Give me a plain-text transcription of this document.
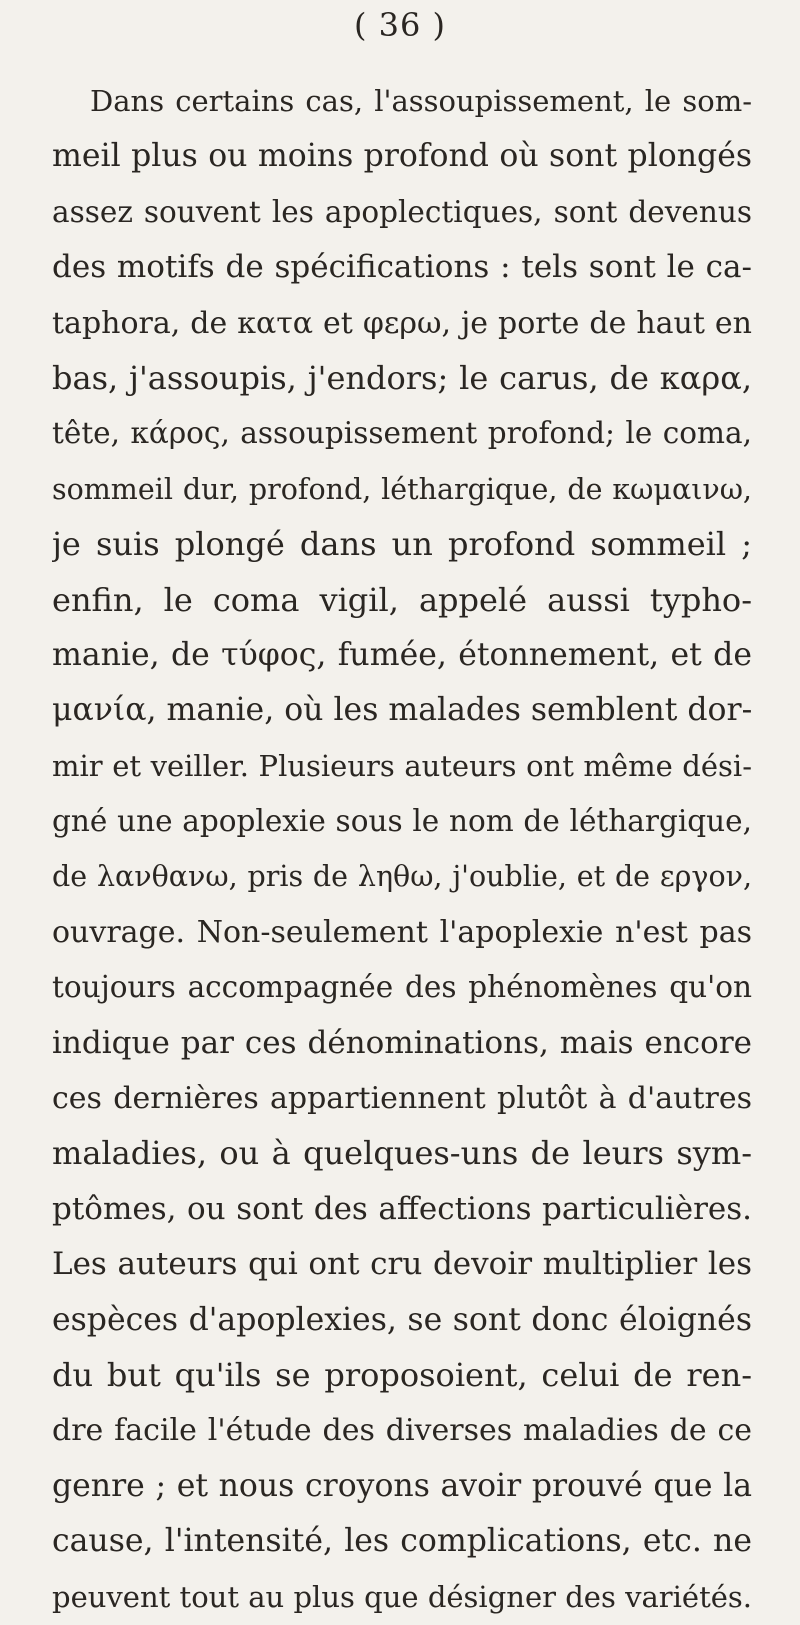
( 36 )
Dans certains cas, l'assoupissement, le som-
meil plus ou moins profond où sont plongés
assez souvent les apoplectiques, sont devenus
des motifs de spécifications : tels sont le ca-
taphora, de κατα et φερω, je porte de haut en
bas, j'assoupis, j'endors; le carus, de καρα,
tête, κάρος, assoupissement profond; le coma,
sommeil dur, profond, léthargique, de κωμαινω,
je suis plongé dans un profond sommeil ;
enfin, le coma vigil, appelé aussi typho-
manie, de τύφος, fumée, étonnement, et de
μανία, manie, où les malades semblent dor-
mir et veiller. Plusieurs auteurs ont même dési-
gné une apoplexie sous le nom de léthargique,
de λανθανω, pris de ληθω, j'oublie, et de εργον,
ouvrage. Non-seulement l'apoplexie n'est pas
toujours accompagnée des phénomènes qu'on
indique par ces dénominations, mais encore
ces dernières appartiennent plutôt à d'autres
maladies, ou à quelques-uns de leurs sym-
ptômes, ou sont des affections particulières.
Les auteurs qui ont cru devoir multiplier les
espèces d'apoplexies, se sont donc éloignés
du but qu'ils se proposoient, celui de ren-
dre facile l'étude des diverses maladies de ce
genre ; et nous croyons avoir prouvé que la
cause, l'intensité, les complications, etc. ne
peuvent tout au plus que désigner des variétés.
